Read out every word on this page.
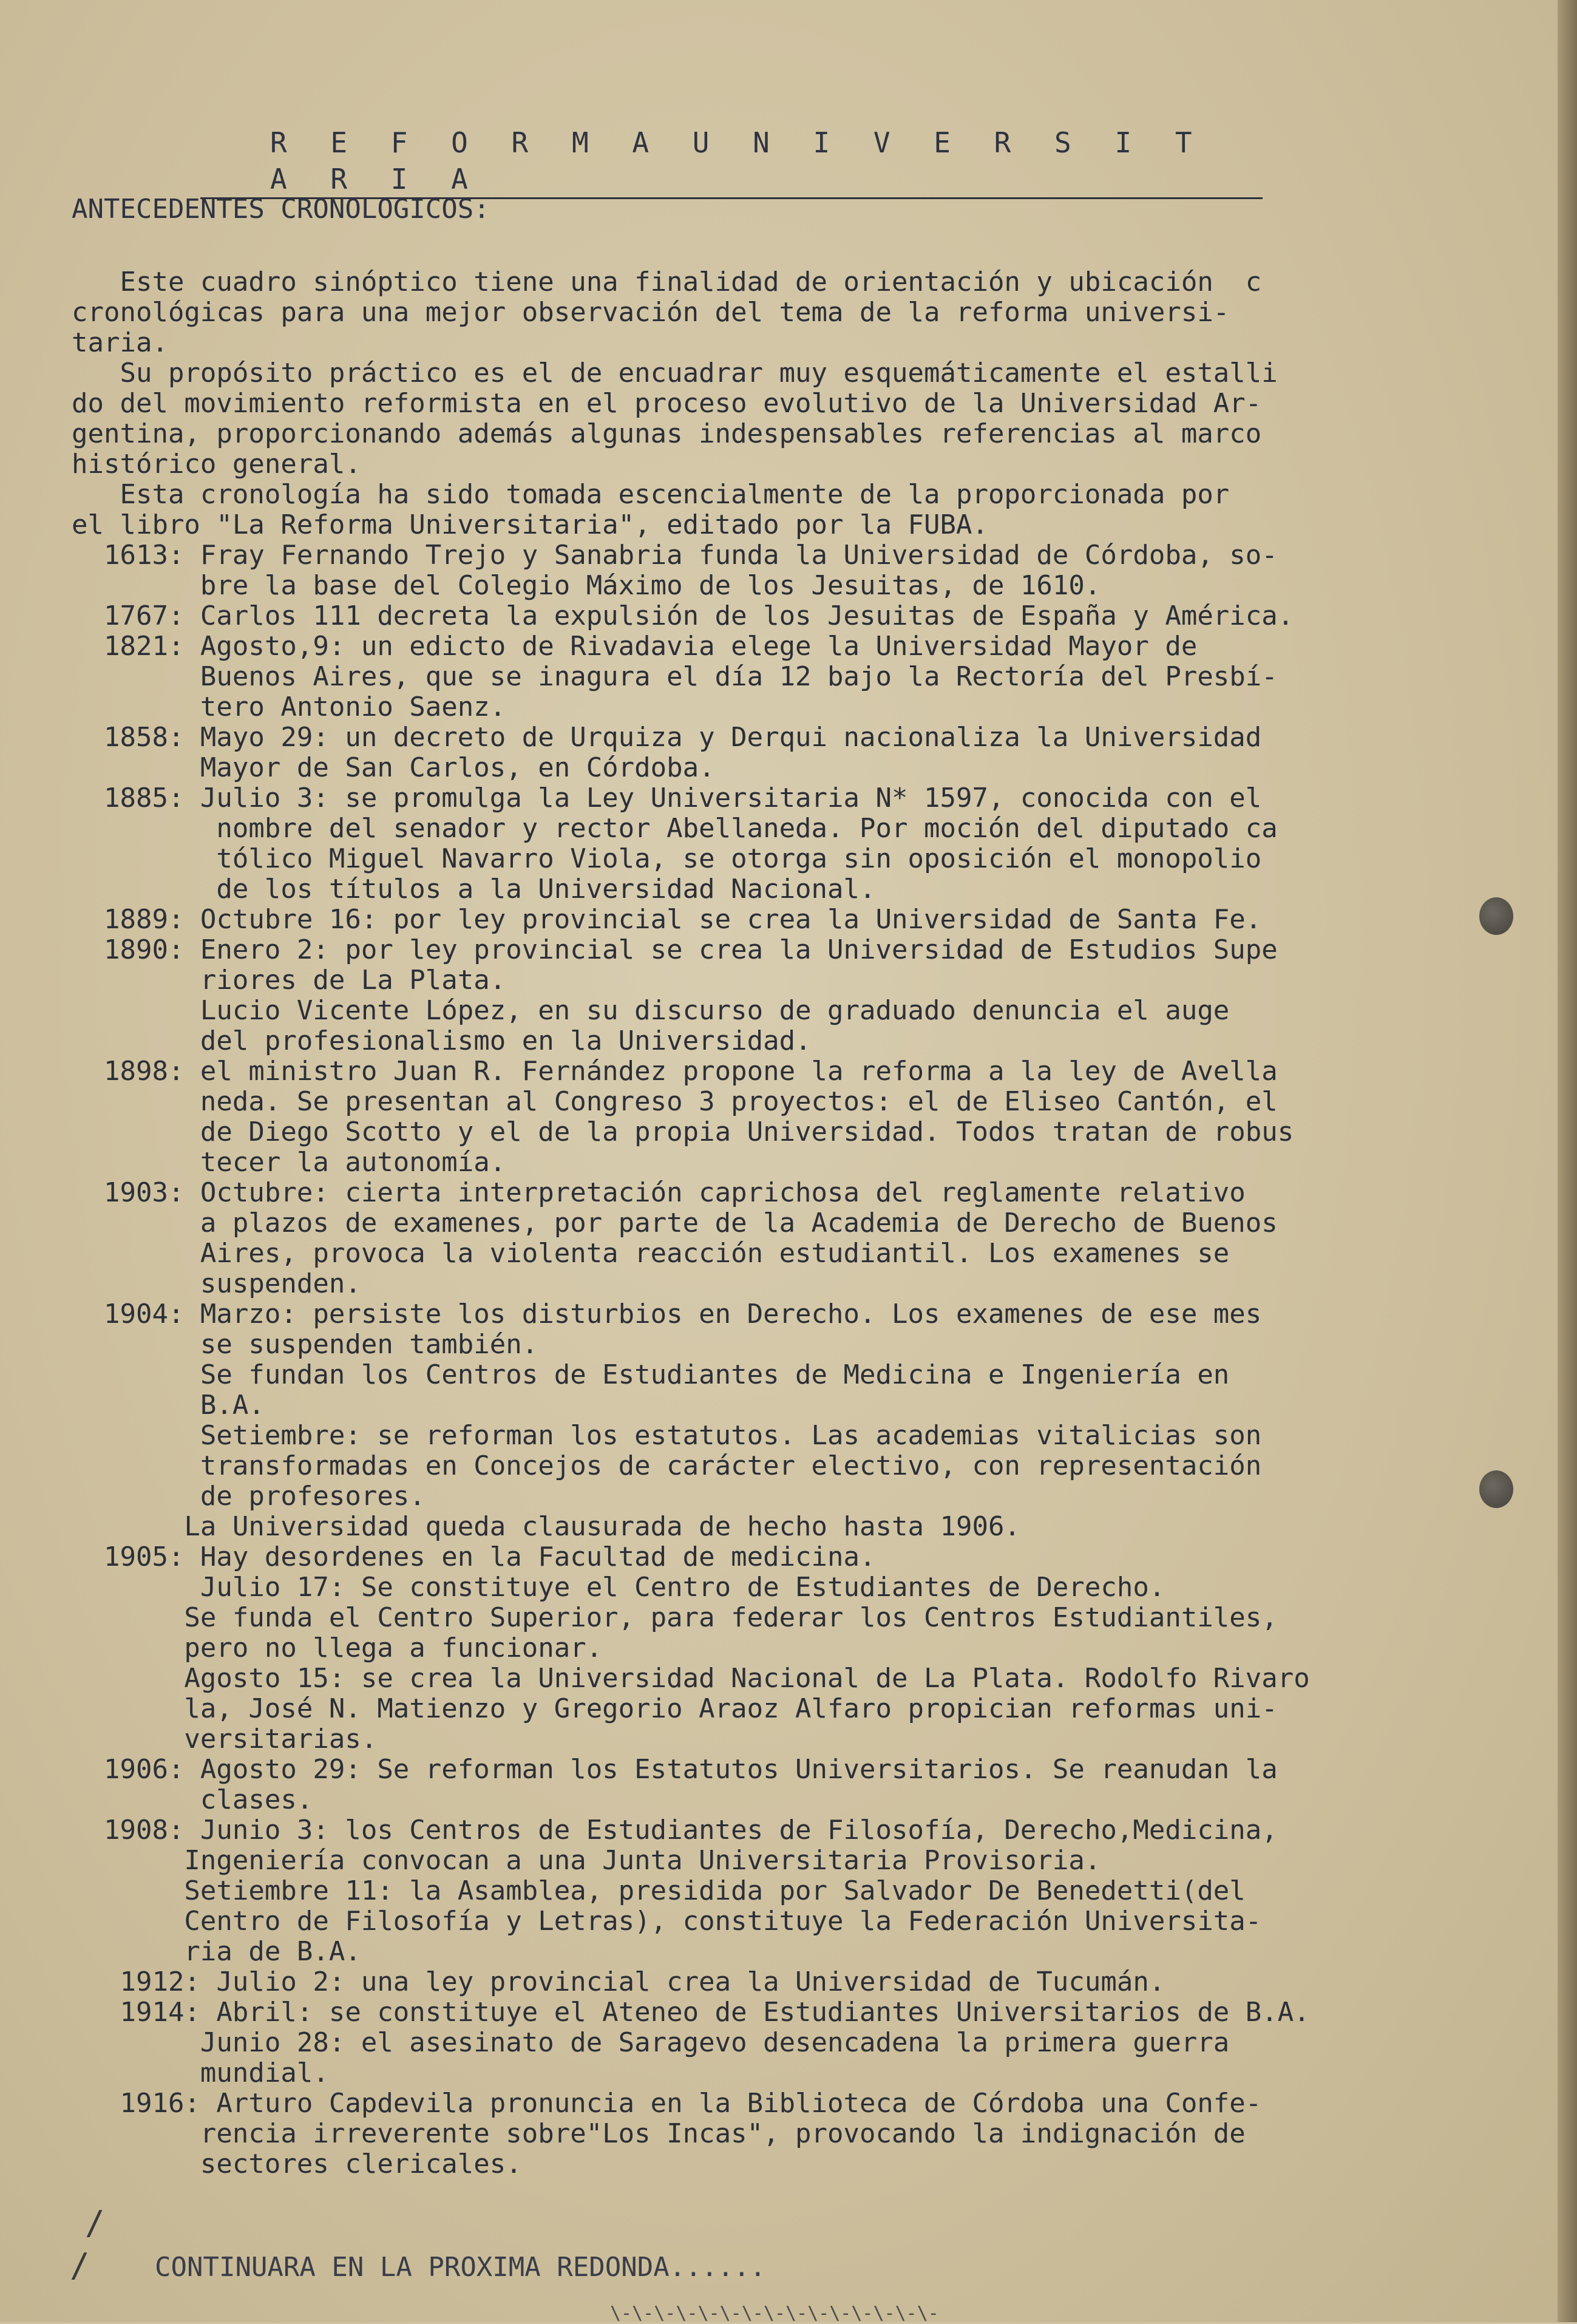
R E F O R M A U N I V E R S I T A R I A
ANTECEDENTES CRONOLOGICOS:
Este cuadro sinóptico tiene una finalidad de orientación y ubicación  c
cronológicas para una mejor observación del tema de la reforma universi-
taria.
Su propósito práctico es el de encuadrar muy esquemáticamente el estalli
do del movimiento reformista en el proceso evolutivo de la Universidad Ar-
gentina, proporcionando además algunas indespensables referencias al marco
histórico general.
Esta cronología ha sido tomada escencialmente de la proporcionada por
el libro "La Reforma Universitaria", editado por la FUBA.
1613: Fray Fernando Trejo y Sanabria funda la Universidad de Córdoba, so-
bre la base del Colegio Máximo de los Jesuitas, de 1610.
1767: Carlos 111 decreta la expulsión de los Jesuitas de España y América.
1821: Agosto,9: un edicto de Rivadavia elege la Universidad Mayor de
Buenos Aires, que se inagura el día 12 bajo la Rectoría del Presbí-
tero Antonio Saenz.
1858: Mayo 29: un decreto de Urquiza y Derqui nacionaliza la Universidad
Mayor de San Carlos, en Córdoba.
1885: Julio 3: se promulga la Ley Universitaria N* 1597, conocida con el
nombre del senador y rector Abellaneda. Por moción del diputado ca
tólico Miguel Navarro Viola, se otorga sin oposición el monopolio
de los títulos a la Universidad Nacional.
1889: Octubre 16: por ley provincial se crea la Universidad de Santa Fe.
1890: Enero 2: por ley provincial se crea la Universidad de Estudios Supe
riores de La Plata.
Lucio Vicente López, en su discurso de graduado denuncia el auge
del profesionalismo en la Universidad.
1898: el ministro Juan R. Fernández propone la reforma a la ley de Avella
neda. Se presentan al Congreso 3 proyectos: el de Eliseo Cantón, el
de Diego Scotto y el de la propia Universidad. Todos tratan de robus
tecer la autonomía.
1903: Octubre: cierta interpretación caprichosa del reglamente relativo
a plazos de examenes, por parte de la Academia de Derecho de Buenos
Aires, provoca la violenta reacción estudiantil. Los examenes se
suspenden.
1904: Marzo: persiste los disturbios en Derecho. Los examenes de ese mes
se suspenden también.
Se fundan los Centros de Estudiantes de Medicina e Ingeniería en
B.A.
Setiembre: se reforman los estatutos. Las academias vitalicias son
transformadas en Concejos de carácter electivo, con representación
de profesores.
La Universidad queda clausurada de hecho hasta 1906.
1905: Hay desordenes en la Facultad de medicina.
Julio 17: Se constituye el Centro de Estudiantes de Derecho.
Se funda el Centro Superior, para federar los Centros Estudiantiles,
pero no llega a funcionar.
Agosto 15: se crea la Universidad Nacional de La Plata. Rodolfo Rivaro
la, José N. Matienzo y Gregorio Araoz Alfaro propician reformas uni-
versitarias.
1906: Agosto 29: Se reforman los Estatutos Universitarios. Se reanudan la
clases.
1908: Junio 3: los Centros de Estudiantes de Filosofía, Derecho,Medicina,
Ingeniería convocan a una Junta Universitaria Provisoria.
Setiembre 11: la Asamblea, presidida por Salvador De Benedetti(del
Centro de Filosofía y Letras), constituye la Federación Universita-
ria de B.A.
1912: Julio 2: una ley provincial crea la Universidad de Tucumán.
1914: Abril: se constituye el Ateneo de Estudiantes Universitarios de B.A.
Junio 28: el asesinato de Saragevo desencadena la primera guerra
mundial.
1916: Arturo Capdevila pronuncia en la Biblioteca de Córdoba una Confe-
rencia irreverente sobre"Los Incas", provocando la indignación de
sectores clericales.
/
/ CONTINUARA EN LA PROXIMA REDONDA......
\-\-\-\-\-\-\-\-\-\-\-\-\-\-\-
